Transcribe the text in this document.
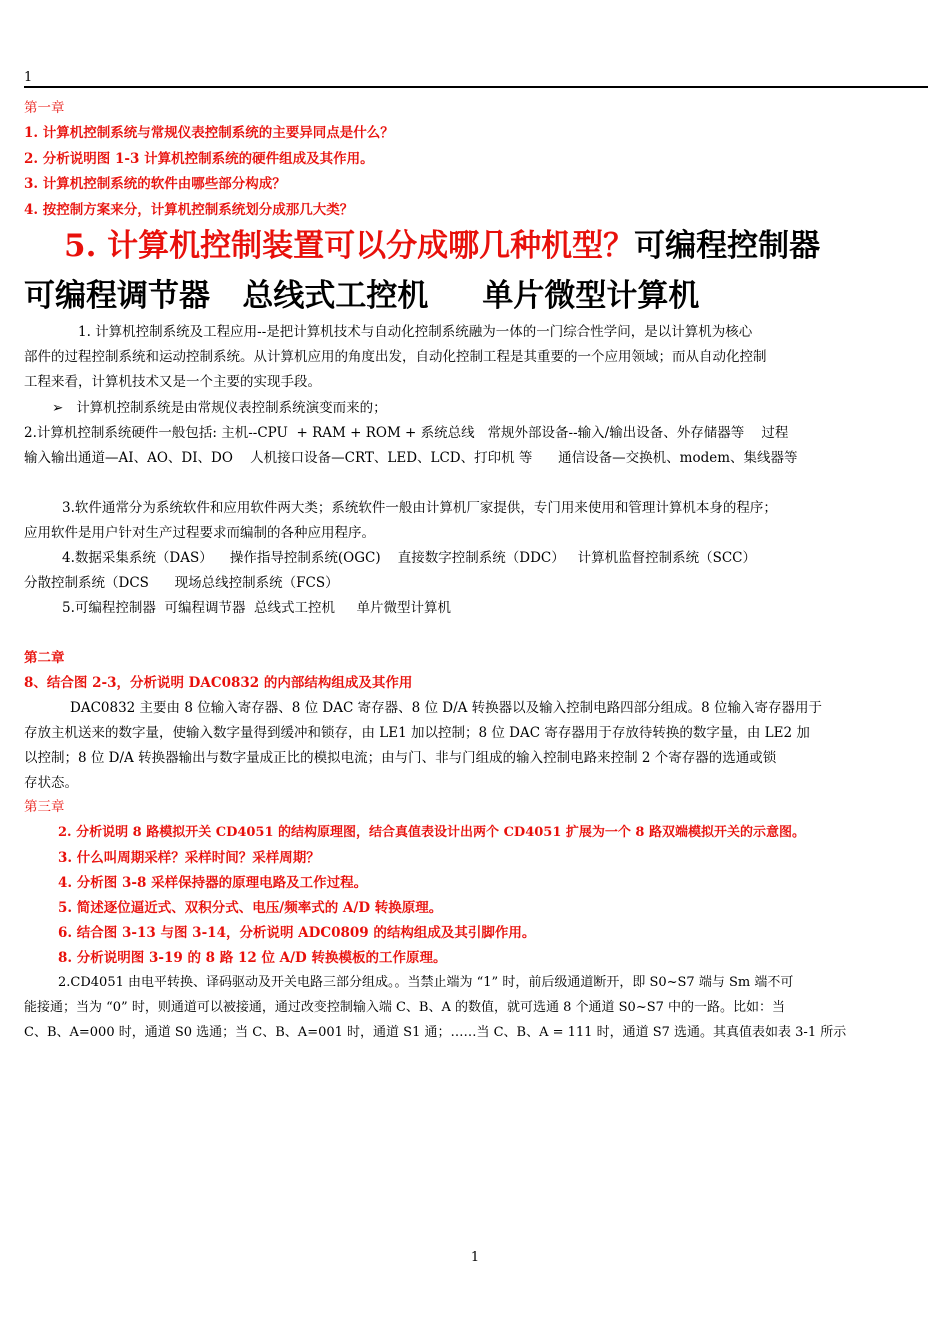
1
第一章
1. 计算机控制系统与常规仪表控制系统的主要异同点是什么？
2. 分析说明图 1-3 计算机控制系统的硬件组成及其作用。
3. 计算机控制系统的软件由哪些部分构成？
4. 按控制方案来分，计算机控制系统划分成那几大类？
5. 计算机控制装置可以分成哪几种机型？可编程控制器
可编程调节器   总线式工控机     单片微型计算机
1. 计算机控制系统及工程应用--是把计算机技术与自动化控制系统融为一体的一门综合性学问，是以计算机为核心
部件的过程控制系统和运动控制系统。从计算机应用的角度出发，自动化控制工程是其重要的一个应用领域；而从自动化控制
工程来看，计算机技术又是一个主要的实现手段。
➢ 计算机控制系统是由常规仪表控制系统演变而来的；
2.计算机控制系统硬件一般包括: 主机--CPU  + RAM + ROM + 系统总线   常规外部设备--输入/输出设备、外存储器等    过程
输入输出通道—AI、AO、DI、DO    人机接口设备—CRT、LED、LCD、打印机 等      通信设备—交换机、modem、集线器等
3.软件通常分为系统软件和应用软件两大类；系统软件一般由计算机厂家提供，专门用来使用和管理计算机本身的程序；
应用软件是用户针对生产过程要求而编制的各种应用程序。
4.数据采集系统（DAS）    操作指导控制系统(OGC)    直接数字控制系统（DDC）   计算机监督控制系统（SCC）
分散控制系统（DCS      现场总线控制系统（FCS）
5.可编程控制器  可编程调节器  总线式工控机     单片微型计算机
第二章
8、结合图 2-3，分析说明 DAC0832 的内部结构组成及其作用
DAC0832 主要由 8 位输入寄存器、8 位 DAC 寄存器、8 位 D/A 转换器以及输入控制电路四部分组成。8 位输入寄存器用于
存放主机送来的数字量，使输入数字量得到缓冲和锁存，由 LE1 加以控制；8 位 DAC 寄存器用于存放待转换的数字量，由 LE2 加
以控制；8 位 D/A 转换器输出与数字量成正比的模拟电流；由与门、非与门组成的输入控制电路来控制 2 个寄存器的选通或锁
存状态。
第三章
2. 分析说明 8 路模拟开关 CD4051 的结构原理图，结合真值表设计出两个 CD4051 扩展为一个 8 路双端模拟开关的示意图。
3. 什么叫周期采样？采样时间？采样周期？
4. 分析图 3-8 采样保持器的原理电路及工作过程。
5. 简述逐位逼近式、双积分式、电压/频率式的 A/D 转换原理。
6. 结合图 3-13 与图 3-14，分析说明 ADC0809 的结构组成及其引脚作用。
8. 分析说明图 3-19 的 8 路 12 位 A/D 转换模板的工作原理。
2.CD4051 由电平转换、译码驱动及开关电路三部分组成。。当禁止端为 “1” 时，前后级通道断开，即 S0~S7 端与 Sm 端不可
能接通；当为 “0” 时，则通道可以被接通，通过改变控制输入端 C、B、A 的数值，就可选通 8 个通道 S0~S7 中的一路。比如：当
C、B、A=000 时，通道 S0 选通；当 C、B、A=001 时，通道 S1 通；……当 C、B、A = 111 时，通道 S7 选通。其真值表如表 3-1 所示
1
